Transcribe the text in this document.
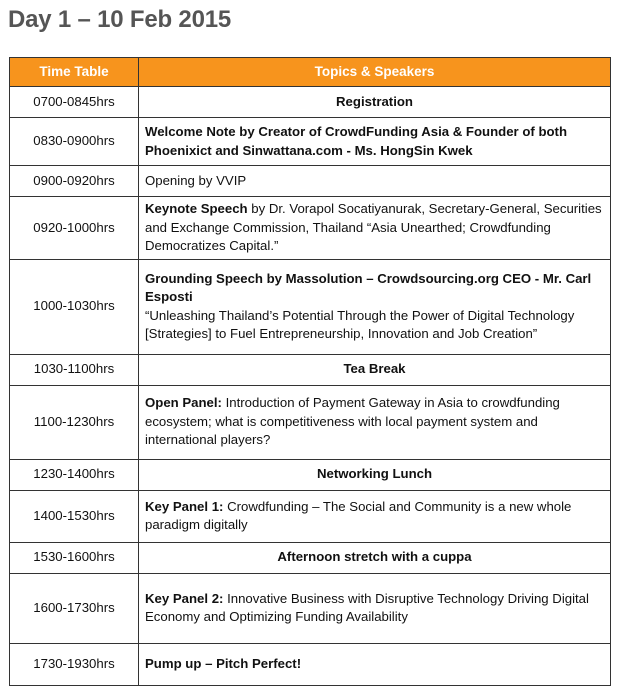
Day 1 – 10 Feb 2015
Time Table	Topics & Speakers
0700-0845hrs	Registration
0830-0900hrs	Welcome Note by Creator of CrowdFunding Asia & Founder of both Phoenixict and Sinwattana.com - Ms. HongSin Kwek
0900-0920hrs	Opening by VVIP
0920-1000hrs	Keynote Speech by Dr. Vorapol Socatiyanurak, Secretary-General, Securities and Exchange Commission, Thailand “Asia Unearthed; Crowdfunding Democratizes Capital.”
1000-1030hrs	Grounding Speech by Massolution – Crowdsourcing.org CEO - Mr. Carl Esposti
“Unleashing Thailand’s Potential Through the Power of Digital Technology [Strategies] to Fuel Entrepreneurship, Innovation and Job Creation”

1030-1100hrs	Tea Break
1100-1230hrs	Open Panel: Introduction of Payment Gateway in Asia to crowdfunding ecosystem; what is competitiveness with local payment system and international players?
1230-1400hrs	Networking Lunch
1400-1530hrs	Key Panel 1: Crowdfunding – The Social and Community is a new whole paradigm digitally
1530-1600hrs	Afternoon stretch with a cuppa
1600-1730hrs	Key Panel 2: Innovative Business with Disruptive Technology Driving Digital Economy and Optimizing Funding Availability
1730-1930hrs	Pump up – Pitch Perfect!
